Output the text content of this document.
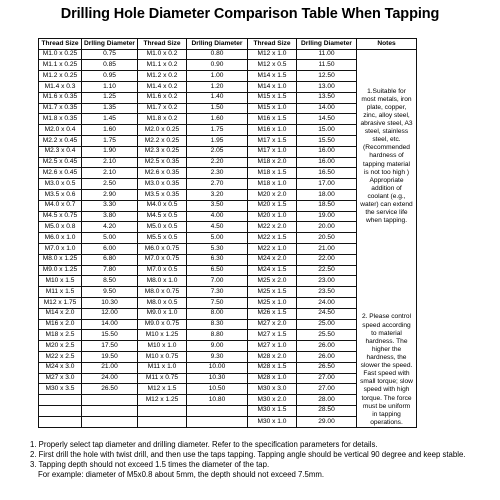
Drilling Hole Diameter Comparison Table When Tapping
Thread Size	Drlling Diameter	Thread Size	Drlling Diameter	Thread Size	Drlling Diameter	Notes
M1.0 x 0.25	0.75	M1.0 x 0.2	0.80	M12 x 1.0	11.00	1.Suitable for most metals, iron plate, copper, zinc, alloy steel, abrasive steel, A3 steel, stainless steel, etc.(Recommended hardness of tapping material is not too high ) Appropriate addition of coolant (e.g., water) can extend the service life when tapping.
2. Please control speed according to material hardness. The higher the hardness, the slower the speed. Fast speed with small torque; slow speed with high torque. The force must be uniform in tapping operations.

M1.1 x 0.25	0.85	M1.1 x 0.2	0.90	M12 x 0.5	11.50	
M1.2 x 0.25	0.95	M1.2 x 0.2	1.00	M14 x 1.5	12.50	
M1.4 x 0.3	1.10	M1.4 x 0.2	1.20	M14 x 1.0	13.00	
M1.6 x 0.35	1.25	M1.6 x 0.2	1.40	M15 x 1.5	13.50	
M1.7 x 0.35	1.35	M1.7 x 0.2	1.50	M15 x 1.0	14.00	
M1.8 x 0.35	1.45	M1.8 x 0.2	1.60	M16 x 1.5	14.50	
M2.0 x 0.4	1.60	M2.0 x 0.25	1.75	M16 x 1.0	15.00	
M2.2 x 0.45	1.75	M2.2 x 0.25	1.95	M17 x 1.5	15.50	
M2.3 x 0.4	1.90	M2.3 x 0.25	2.05	M17 x 1.0	16.00	
M2.5 x 0.45	2.10	M2.5 x 0.35	2.20	M18 x 2.0	16.00	
M2.6 x 0.45	2.10	M2.6 x 0.35	2.30	M18 x 1.5	16.50	
M3.0 x 0.5	2.50	M3.0 x 0.35	2.70	M18 x 1.0	17.00	
M3.5 x 0.6	2.90	M3.5 x 0.35	3.20	M20 x 2.0	18.00	
M4.0 x 0.7	3.30	M4.0 x 0.5	3.50	M20 x 1.5	18.50	
M4.5 x 0.75	3.80	M4.5 x 0.5	4.00	M20 x 1.0	19.00	
M5.0 x 0.8	4.20	M5.0 x 0.5	4.50	M22 x 2.0	20.00	
M6.0 x 1.0	5.00	M5.5 x 0.5	5.00	M22 x 1.5	20.50	
M7.0 x 1.0	6.00	M6.0 x 0.75	5.30	M22 x 1.0	21.00	
M8.0 x 1.25	6.80	M7.0 x 0.75	6.30	M24 x 2.0	22.00	
M9.0 x 1.25	7.80	M7.0 x 0.5	6.50	M24 x 1.5	22.50	
M10 x 1.5	8.50	M8.0 x 1.0	7.00	M25 x 2.0	23.00	
M11 x 1.5	9.50	M8.0 x 0.75	7.30	M25 x 1.5	23.50	
M12 x 1.75	10.30	M8.0 x 0.5	7.50	M25 x 1.0	24.00	
M14 x 2.0	12.00	M9.0 x 1.0	8.00	M26 x 1.5	24.50	
M16 x 2.0	14.00	M9.0 x 0.75	8.30	M27 x 2.0	25.00	
M18 x 2.5	15.50	M10 x 1.25	8.80	M27 x 1.5	25.50	
M20 x 2.5	17.50	M10 x 1.0	9.00	M27 x 1.0	26.00	
M22 x 2.5	19.50	M10 x 0.75	9.30	M28 x 2.0	26.00	
M24 x 3.0	21.00	M11 x 1.0	10.00	M28 x 1.5	26.50	
M27 x 3.0	24.00	M11 x 0.75	10.30	M28 x 1.0	27.00	
M30 x 3.5	26.50	M12 x 1.5	10.50	M30 x 3.0	27.00	
		M12 x 1.25	10.80	M30 x 2.0	28.00	
				M30 x 1.5	28.50	
				M30 x 1.0	29.00	
1. Properly select tap diameter and drilling diameter. Refer to the specification parameters for details.
2. First drill the hole with twist drill, and then use the taps tapping. Tapping angle should be vertical 90 degree and keep stable.
3. Tapping depth should not exceed 1.5 times the diameter of the tap.
For example: diameter of M5x0.8 about 5mm, the depth should not exceed 7.5mm.
